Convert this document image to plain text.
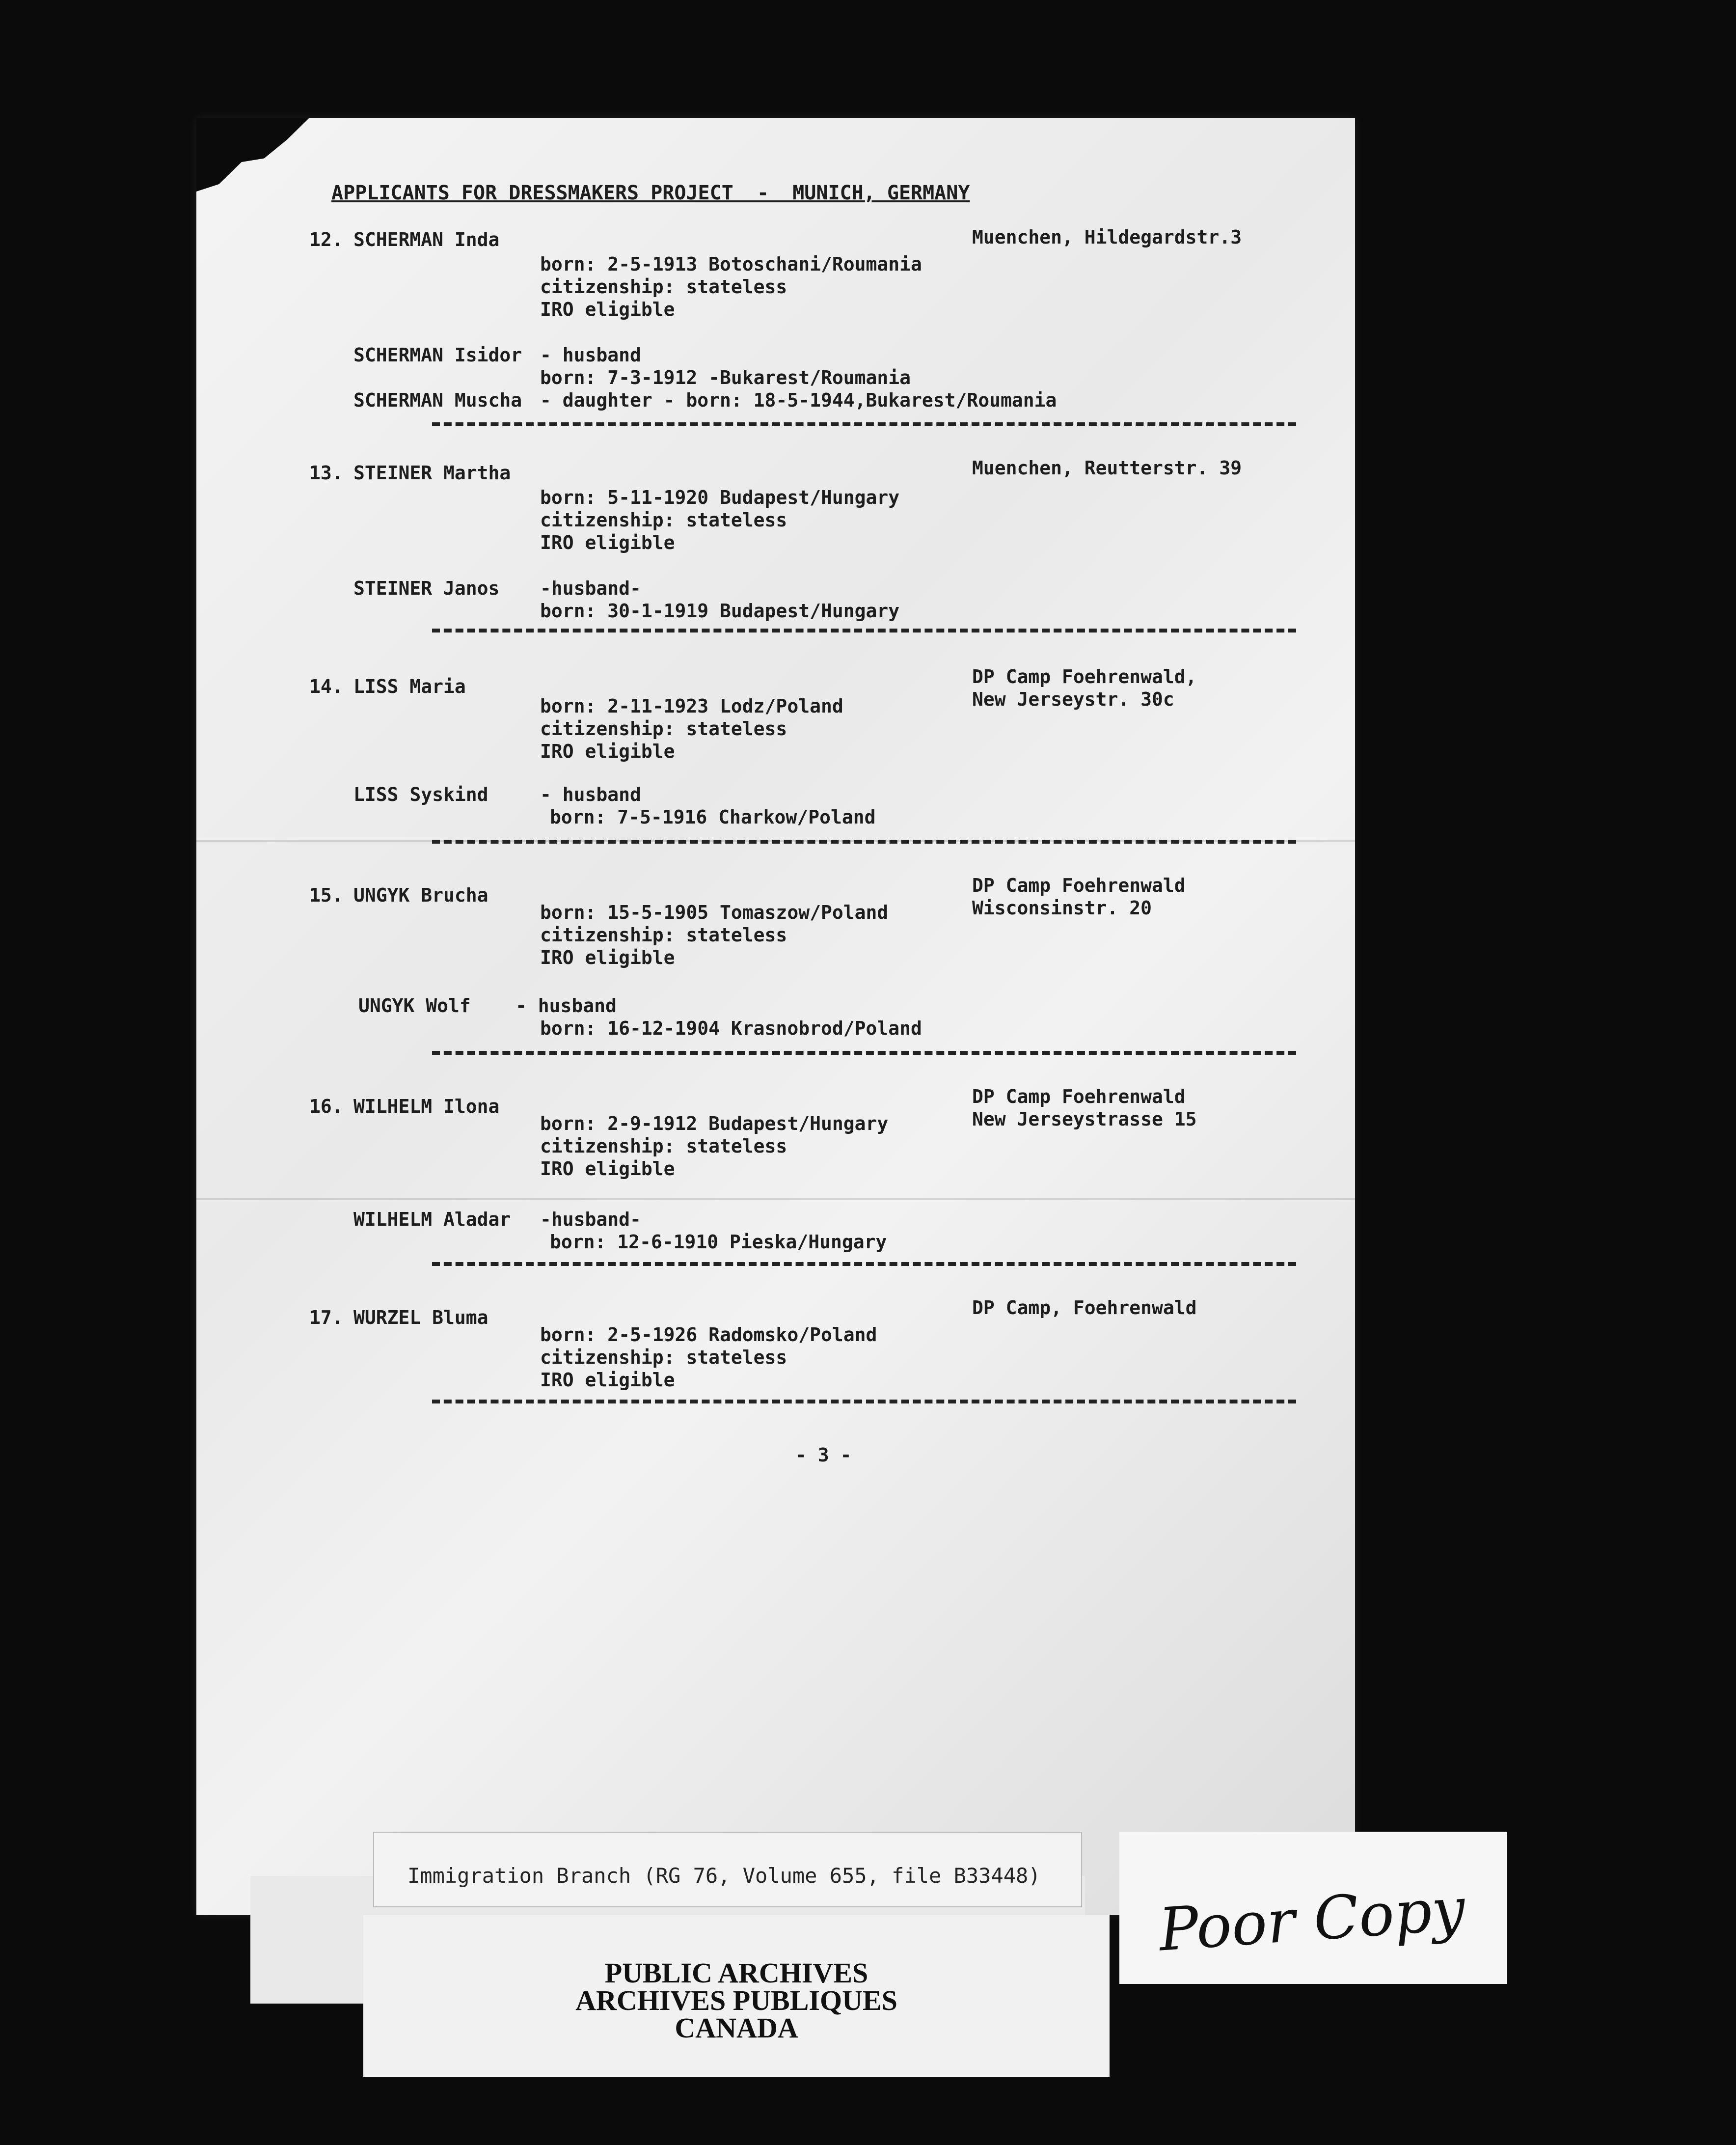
APPLICANTS FOR DRESSMAKERS PROJECT  -  MUNICH, GERMANY
12. SCHERMAN Inda	Muenchen, Hildegardstr.3
born: 2-5-1913 Botoschani/Roumania
citizenship: stateless
IRO eligible
SCHERMAN Isidor - husband
born: 7-3-1912 -Bukarest/Roumania
SCHERMAN Muscha - daughter - born: 18-5-1944,Bukarest/Roumania
13. STEINER Martha	Muenchen, Reutterstr. 39
born: 5-11-1920 Budapest/Hungary
citizenship: stateless
IRO eligible
STEINER Janos -husband-
born: 30-1-1919 Budapest/Hungary
14. LISS Maria	DP Camp Foehrenwald,
New Jerseystr. 30c
born: 2-11-1923 Lodz/Poland
citizenship: stateless
IRO eligible
LISS Syskind	- husband
born: 7-5-1916 Charkow/Poland
15. UNGYK Brucha	DP Camp Foehrenwald
Wisconsinstr. 20
born: 15-5-1905 Tomaszow/Poland
citizenship: stateless
IRO eligible
UNGYK Wolf - husband
born: 16-12-1904 Krasnobrod/Poland
16. WILHELM Ilona	DP Camp Foehrenwald
New Jerseystrasse 15
born: 2-9-1912 Budapest/Hungary
citizenship: stateless
IRO eligible
WILHELM Aladar -husband-
born: 12-6-1910 Pieska/Hungary
17. WURZEL Bluma	DP Camp, Foehrenwald
born: 2-5-1926 Radomsko/Poland
citizenship: stateless
IRO eligible
- 3 -
Immigration Branch (RG 76, Volume 655, file B33448)
PUBLIC ARCHIVES
ARCHIVES PUBLIQUES
CANADA
Poor Copy
